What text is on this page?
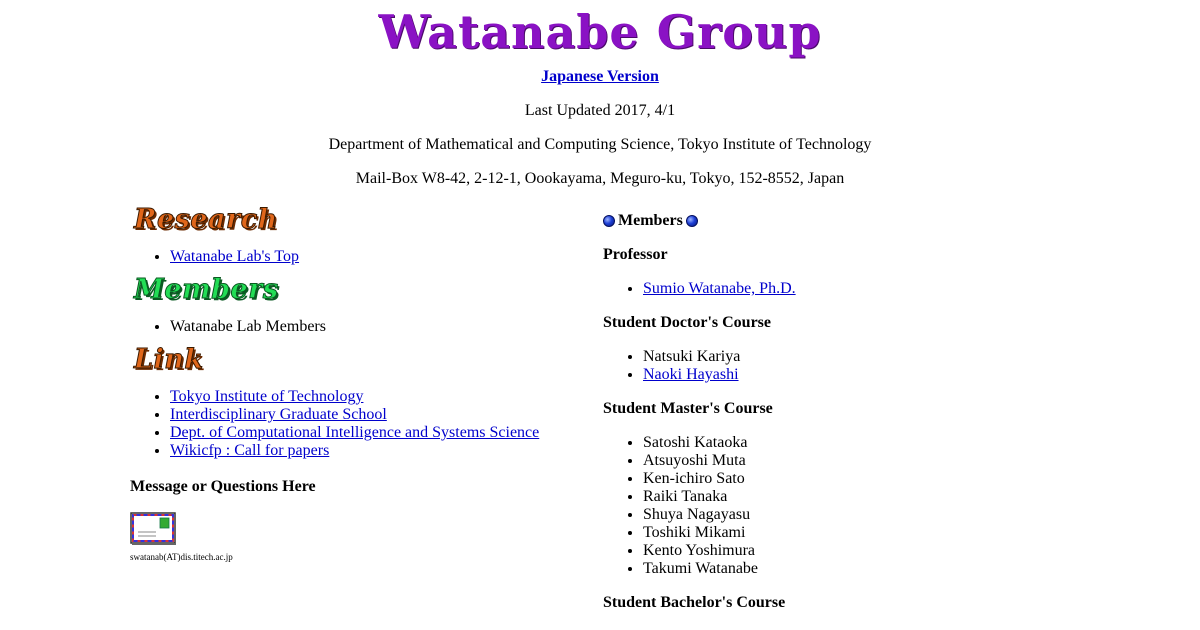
Watanabe Group

Japanese Version

Last Updated 2017, 4/1

Department of Mathematical and Computing Science, Tokyo Institute of Technology

Mail-Box W8-42, 2-12-1, Oookayama, Meguro-ku, Tokyo, 152-8552, Japan

Research
• Watanabe Lab's Top
Members
• Watanabe Lab Members
Link
• Tokyo Institute of Technology
• Interdisciplinary Graduate School
• Dept. of Computational Intelligence and Systems Science
• Wikicfp : Call for papers

Message or Questions Here

swatanab(AT)dis.titech.ac.jp
Members

Professor

• Sumio Watanabe, Ph.D.

Student Doctor's Course

• Natsuki Kariya
• Naoki Hayashi

Student Master's Course

• Satoshi Kataoka
• Atsuyoshi Muta
• Ken-ichiro Sato
• Raiki Tanaka
• Shuya Nagayasu
• Toshiki Mikami
• Kento Yoshimura
• Takumi Watanabe

Student Bachelor's Course
